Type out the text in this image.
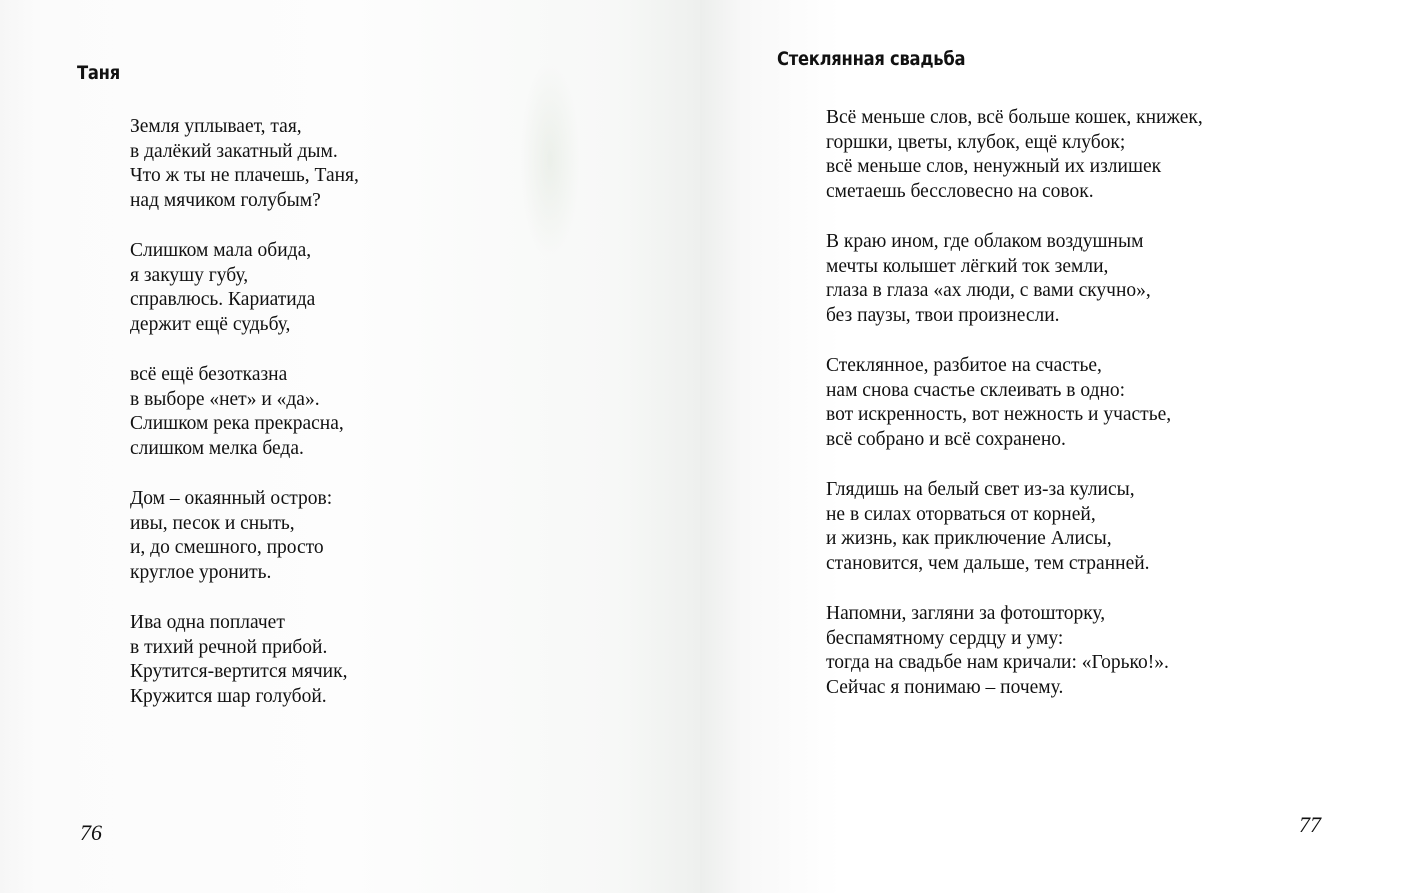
Таня
Земля уплывает, тая,
в далёкий закатный дым.
Что ж ты не плачешь, Таня,
над мячиком голубым?
Слишком мала обида,
я закушу губу,
справлюсь. Кариатида
держит ещё судьбу,
всё ещё безотказна
в выборе «нет» и «да».
Слишком река прекрасна,
слишком мелка беда.
Дом – окаянный остров:
ивы, песок и сныть,
и, до смешного, просто
круглое уронить.
Ива одна поплачет
в тихий речной прибой.
Крутится-вертится мячик,
Кружится шар голубой.
76
Стеклянная свадьба
Всё меньше слов, всё больше кошек, книжек,
горшки, цветы, клубок, ещё клубок;
всё меньше слов, ненужный их излишек
сметаешь бессловесно на совок.
В краю ином, где облаком воздушным
мечты колышет лёгкий ток земли,
глаза в глаза «ах люди, с вами скучно»,
без паузы, твои произнесли.
Стеклянное, разбитое на счастье,
нам снова счастье склеивать в одно:
вот искренность, вот нежность и участье,
всё собрано и всё сохранено.
Глядишь на белый свет из-за кулисы,
не в силах оторваться от корней,
и жизнь, как приключение Алисы,
становится, чем дальше, тем странней.
Напомни, загляни за фотошторку,
беспамятному сердцу и уму:
тогда на свадьбе нам кричали: «Горько!».
Сейчас я понимаю – почему.
77
